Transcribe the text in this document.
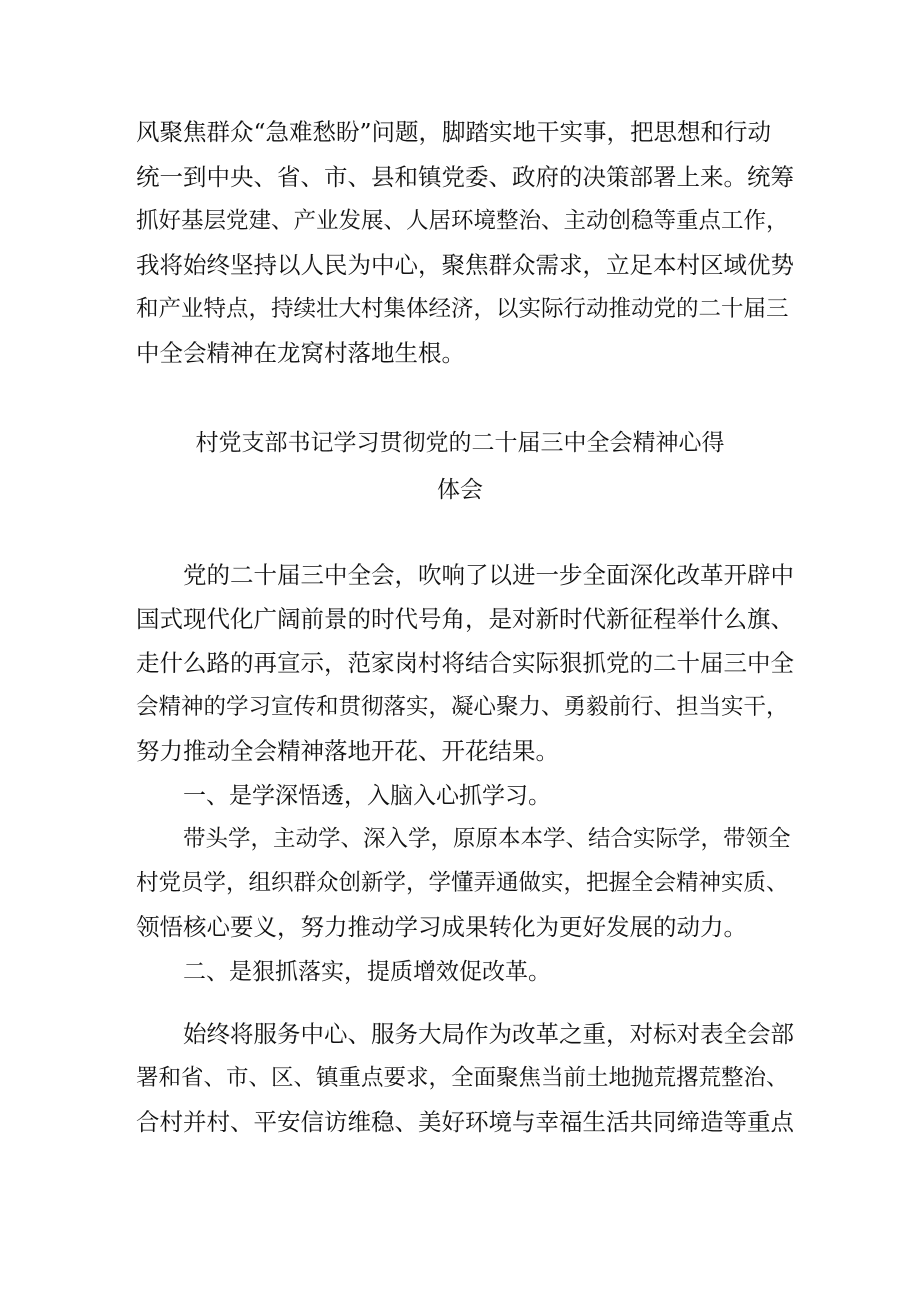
风聚焦群众“急难愁盼”问题，脚踏实地干实事，把思想和行动
统一到中央、省、市、县和镇党委、政府的决策部署上来。统筹
抓好基层党建、产业发展、人居环境整治、主动创稳等重点工作，
我将始终坚持以人民为中心，聚焦群众需求，立足本村区域优势
和产业特点，持续壮大村集体经济，以实际行动推动党的二十届三
中全会精神在龙窝村落地生根。
村党支部书记学习贯彻党的二十届三中全会精神心得
体会
党的二十届三中全会，吹响了以进一步全面深化改革开辟中
国式现代化广阔前景的时代号角，是对新时代新征程举什么旗、
走什么路的再宣示，范家岗村将结合实际狠抓党的二十届三中全
会精神的学习宣传和贯彻落实，凝心聚力、勇毅前行、担当实干，
努力推动全会精神落地开花、开花结果。
一、是学深悟透，入脑入心抓学习。
带头学，主动学、深入学，原原本本学、结合实际学，带领全
村党员学，组织群众创新学，学懂弄通做实，把握全会精神实质、
领悟核心要义，努力推动学习成果转化为更好发展的动力。
二、是狠抓落实，提质增效促改革。
始终将服务中心、服务大局作为改革之重，对标对表全会部
署和省、市、区、镇重点要求，全面聚焦当前土地抛荒撂荒整治、
合村并村、平安信访维稳、美好环境与幸福生活共同缔造等重点
